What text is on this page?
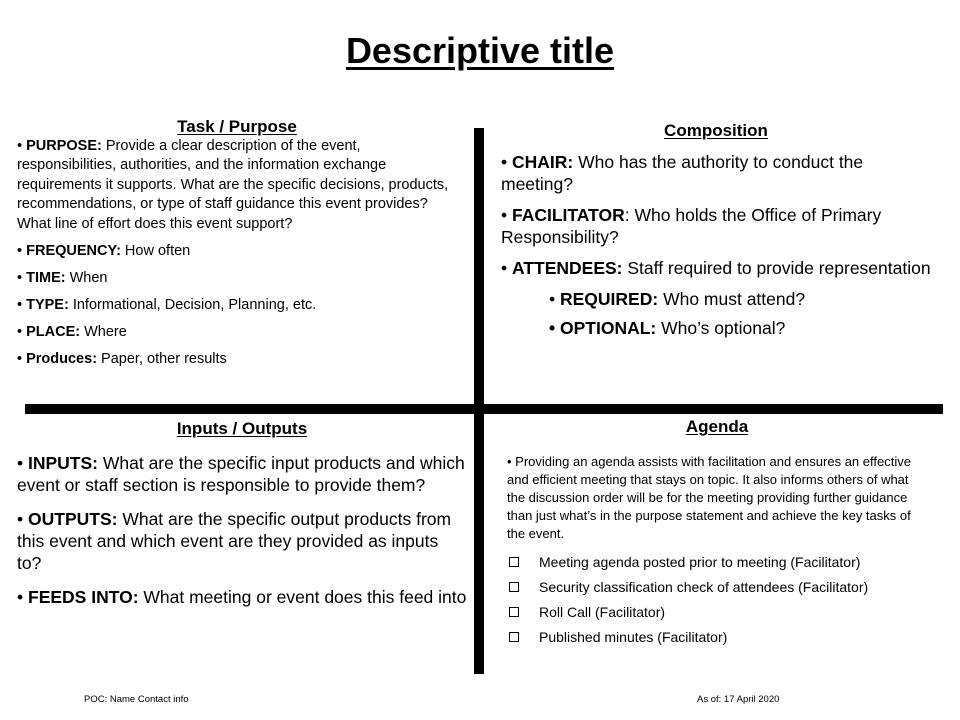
Descriptive title
Task / Purpose

• PURPOSE: Provide a clear description of the event, responsibilities, authorities, and the information exchange requirements it supports. What are the specific decisions, products, recommendations, or type of staff guidance this event provides? What line of effort does this event support?

• FREQUENCY: How often

• TIME: When

• TYPE: Informational, Decision, Planning, etc.

• PLACE: Where

• Produces: Paper, other results

Composition

• CHAIR: Who has the authority to conduct the meeting?

• FACILITATOR: Who holds the Office of Primary Responsibility?

• ATTENDEES: Staff required to provide representation

• REQUIRED: Who must attend?

• OPTIONAL: Who’s optional?

Inputs / Outputs

• INPUTS: What are the specific input products and which event or staff section is responsible to provide them?

• OUTPUTS: What are the specific output products from this event and which event are they provided as inputs to?

• FEEDS INTO: What meeting or event does this feed into

Agenda

• Providing an agenda assists with facilitation and ensures an effective and efficient meeting that stays on topic. It also informs others of what the discussion order will be for the meeting providing further guidance than just what’s in the purpose statement and achieve the key tasks of the event.

Meeting agenda posted prior to meeting (Facilitator)
Security classification check of attendees (Facilitator)
Roll Call (Facilitator)
Published minutes (Facilitator)
POC: Name Contact info	As of: 17 April 2020
